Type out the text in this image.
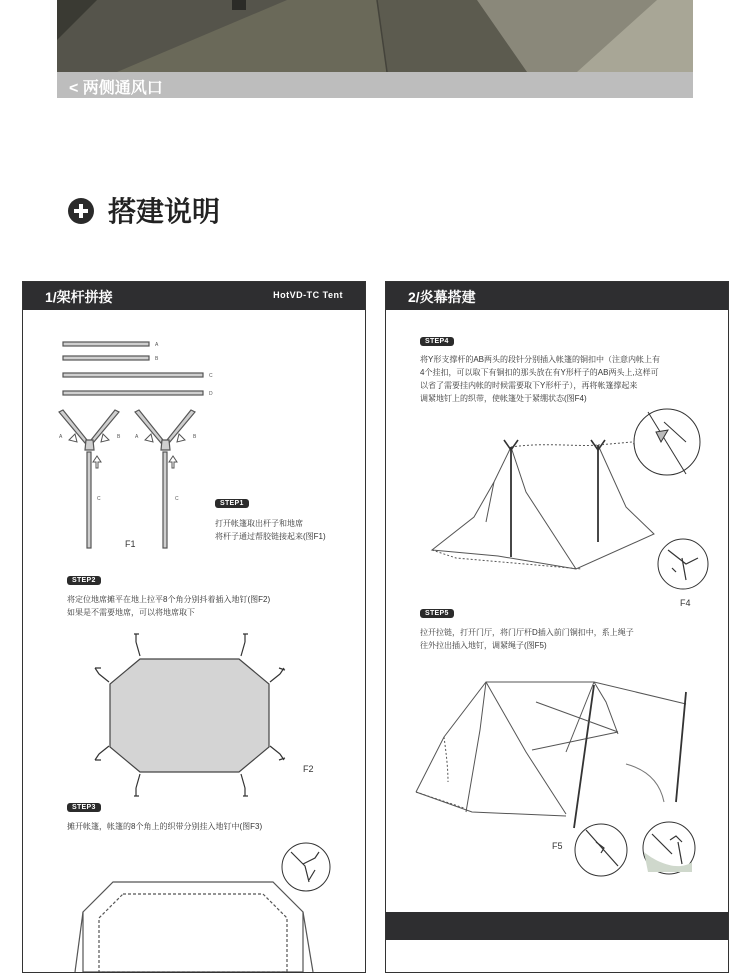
< 两侧通风口
搭建说明
1/架杆拼接	HotVD-TC Tent
A
B
C
D
A	B
C
A	B
C
STEP1
打开帐篷取出杆子和地席
将杆子通过帮胶链接起来(图F1)
F1
STEP2
将定位地席摊平在地上拉平8个角分别抖着插入地钉(图F2)
如果是不需要地席，可以将地席取下
F2
STEP3
摊开帐篷，帐篷的8个角上的织带分别挂入地钉中(图F3)
2/炎幕搭建
STEP4
将Y形支撑杆的AB两头的段针分别插入帐篷的铜扣中（注意内帐上有
4个挂扣，可以取下有铜扣的那头放在有Y形杆子的AB两头上,这样可
以省了需要挂内帐的时候需要取下Y形杆子），再将帐篷撑起来
调紧地钉上的织带，使帐篷处于紧绷状态(图F4)
F4
STEP5
拉开拉链，打开门厅，将门厅杆D插入前门铜扣中，系上绳子
往外拉出插入地钉，调紧绳子(图F5)
F5
